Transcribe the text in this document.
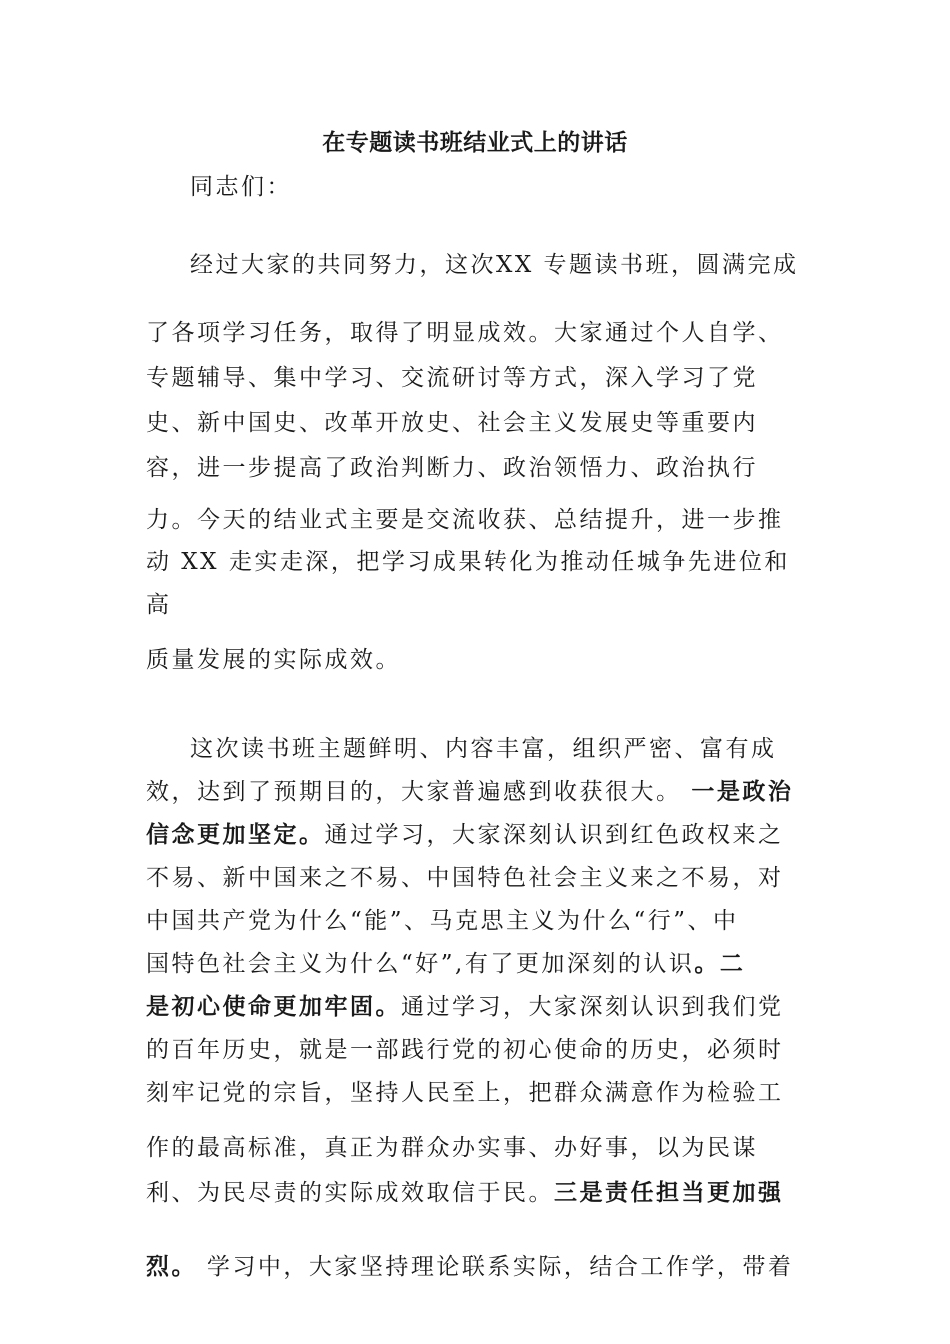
在专题读书班结业式上的讲话
同志们：
经过大家的共同努力，这次XX 专题读书班，圆满完成
了各项学习任务，取得了明显成效。大家通过个人自学、
专题辅导、集中学习、交流研讨等方式，深入学习了党
史、新中国史、改革开放史、社会主义发展史等重要内
容，进一步提高了政治判断力、政治领悟力、政治执行
力。今天的结业式主要是交流收获、总结提升，进一步推
动 XX 走实走深，把学习成果转化为推动任城争先进位和
高
质量发展的实际成效。
这次读书班主题鲜明、内容丰富，组织严密、富有成
效，达到了预期目的，大家普遍感到收获很大。 一是政治
信念更加坚定。通过学习，大家深刻认识到红色政权来之
不易、新中国来之不易、中国特色社会主义来之不易，对
中国共产党为什么“能”、马克思主义为什么“行”、中
国特色社会主义为什么“好”,有了更加深刻的认识。二
是初心使命更加牢固。通过学习，大家深刻认识到我们党
的百年历史，就是一部践行党的初心使命的历史，必须时
刻牢记党的宗旨，坚持人民至上，把群众满意作为检验工
作的最高标准，真正为群众办实事、办好事，以为民谋
利、为民尽责的实际成效取信于民。三是责任担当更加强
烈。 学习中，大家坚持理论联系实际，结合工作学，带着
